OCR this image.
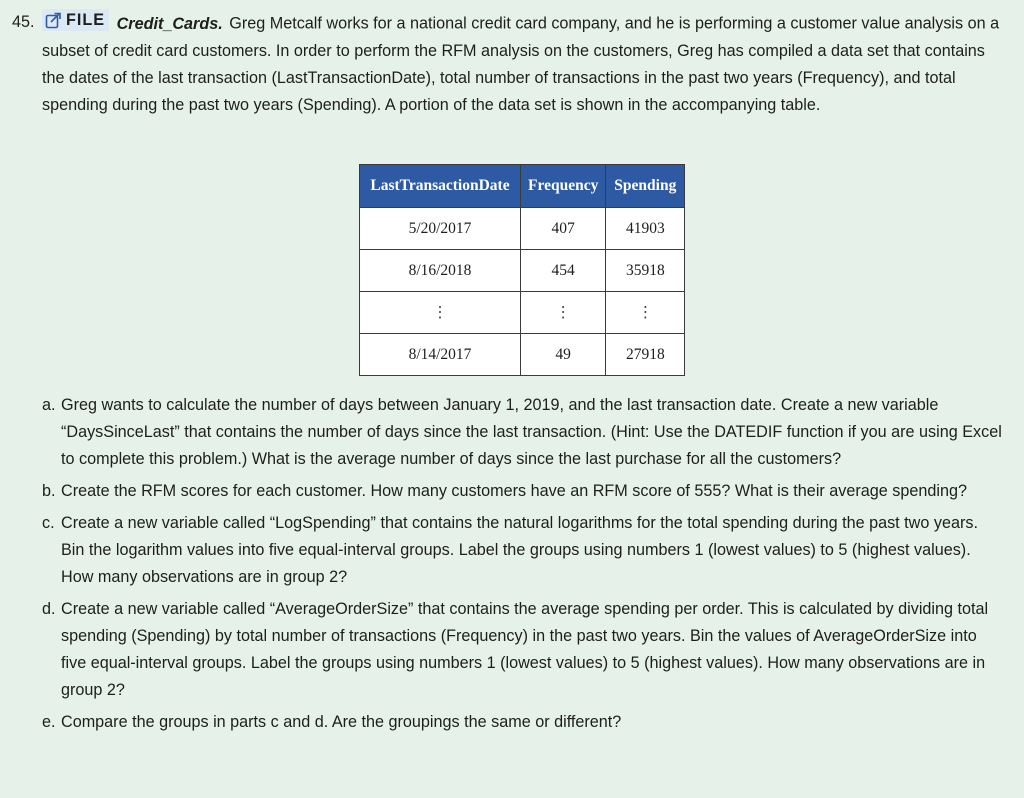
45.	FILE Credit_Cards. Greg Metcalf works for a national credit card company, and he is performing a customer value analysis on a subset of credit card customers. In order to perform the RFM analysis on the customers, Greg has compiled a data set that contains the dates of the last transaction (LastTransactionDate), total number of transactions in the past two years (Frequency), and total spending during the past two years (Spending). A portion of the data set is shown in the accompanying table.
LastTransactionDate	Frequency	Spending
5/20/2017	407	41903
8/16/2018	454	35918
⋮	⋮	⋮
8/14/2017	49	27918
a. Greg wants to calculate the number of days between January 1, 2019, and the last transaction date. Create a new variable “DaysSinceLast” that contains the number of days since the last transaction. (Hint: Use the DATEDIF function if you are using Excel to complete this problem.) What is the average number of days since the last purchase for all the customers?
b. Create the RFM scores for each customer. How many customers have an RFM score of 555? What is their average spending?
c. Create a new variable called “LogSpending” that contains the natural logarithms for the total spending during the past two years. Bin the logarithm values into five equal-interval groups. Label the groups using numbers 1 (lowest values) to 5 (highest values). How many observations are in group 2?
d. Create a new variable called “AverageOrderSize” that contains the average spending per order. This is calculated by dividing total spending (Spending) by total number of transactions (Frequency) in the past two years. Bin the values of AverageOrderSize into five equal-interval groups. Label the groups using numbers 1 (lowest values) to 5 (highest values). How many observations are in group 2?
e. Compare the groups in parts c and d. Are the groupings the same or different?
